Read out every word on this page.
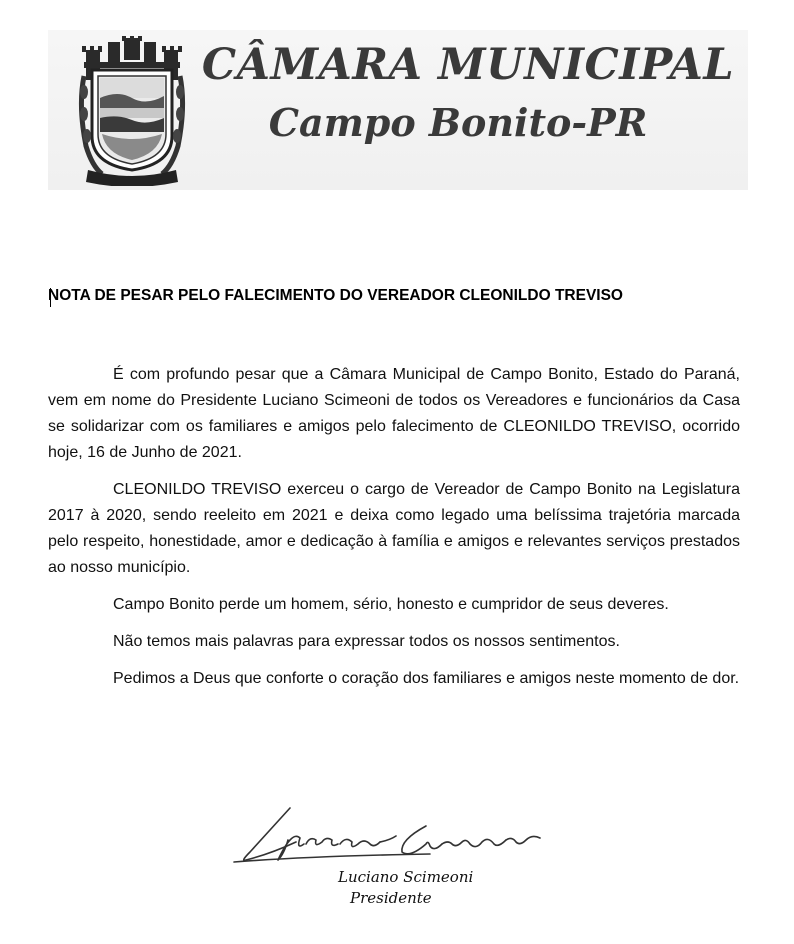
CÂMARA MUNICIPAL
Campo Bonito-PR
NOTA DE PESAR PELO FALECIMENTO DO VEREADOR CLEONILDO TREVISO

É com profundo pesar que a Câmara Municipal de Campo Bonito, Estado do Paraná, vem em nome do Presidente Luciano Scimeoni de todos os Vereadores e funcionários da Casa se solidarizar com os familiares e amigos pelo falecimento de CLEONILDO TREVISO, ocorrido hoje, 16 de Junho de 2021.

CLEONILDO TREVISO exerceu o cargo de Vereador de Campo Bonito na Legislatura 2017 à 2020, sendo reeleito em 2021 e deixa como legado uma belíssima trajetória marcada pelo respeito, honestidade, amor e dedicação à família e amigos e relevantes serviços prestados ao nosso município.

Campo Bonito perde um homem, sério, honesto e cumpridor de seus deveres.

Não temos mais palavras para expressar todos os nossos sentimentos.

Pedimos a Deus que conforte o coração dos familiares e amigos neste momento de dor.

Luciano Scimeoni
Presidente
